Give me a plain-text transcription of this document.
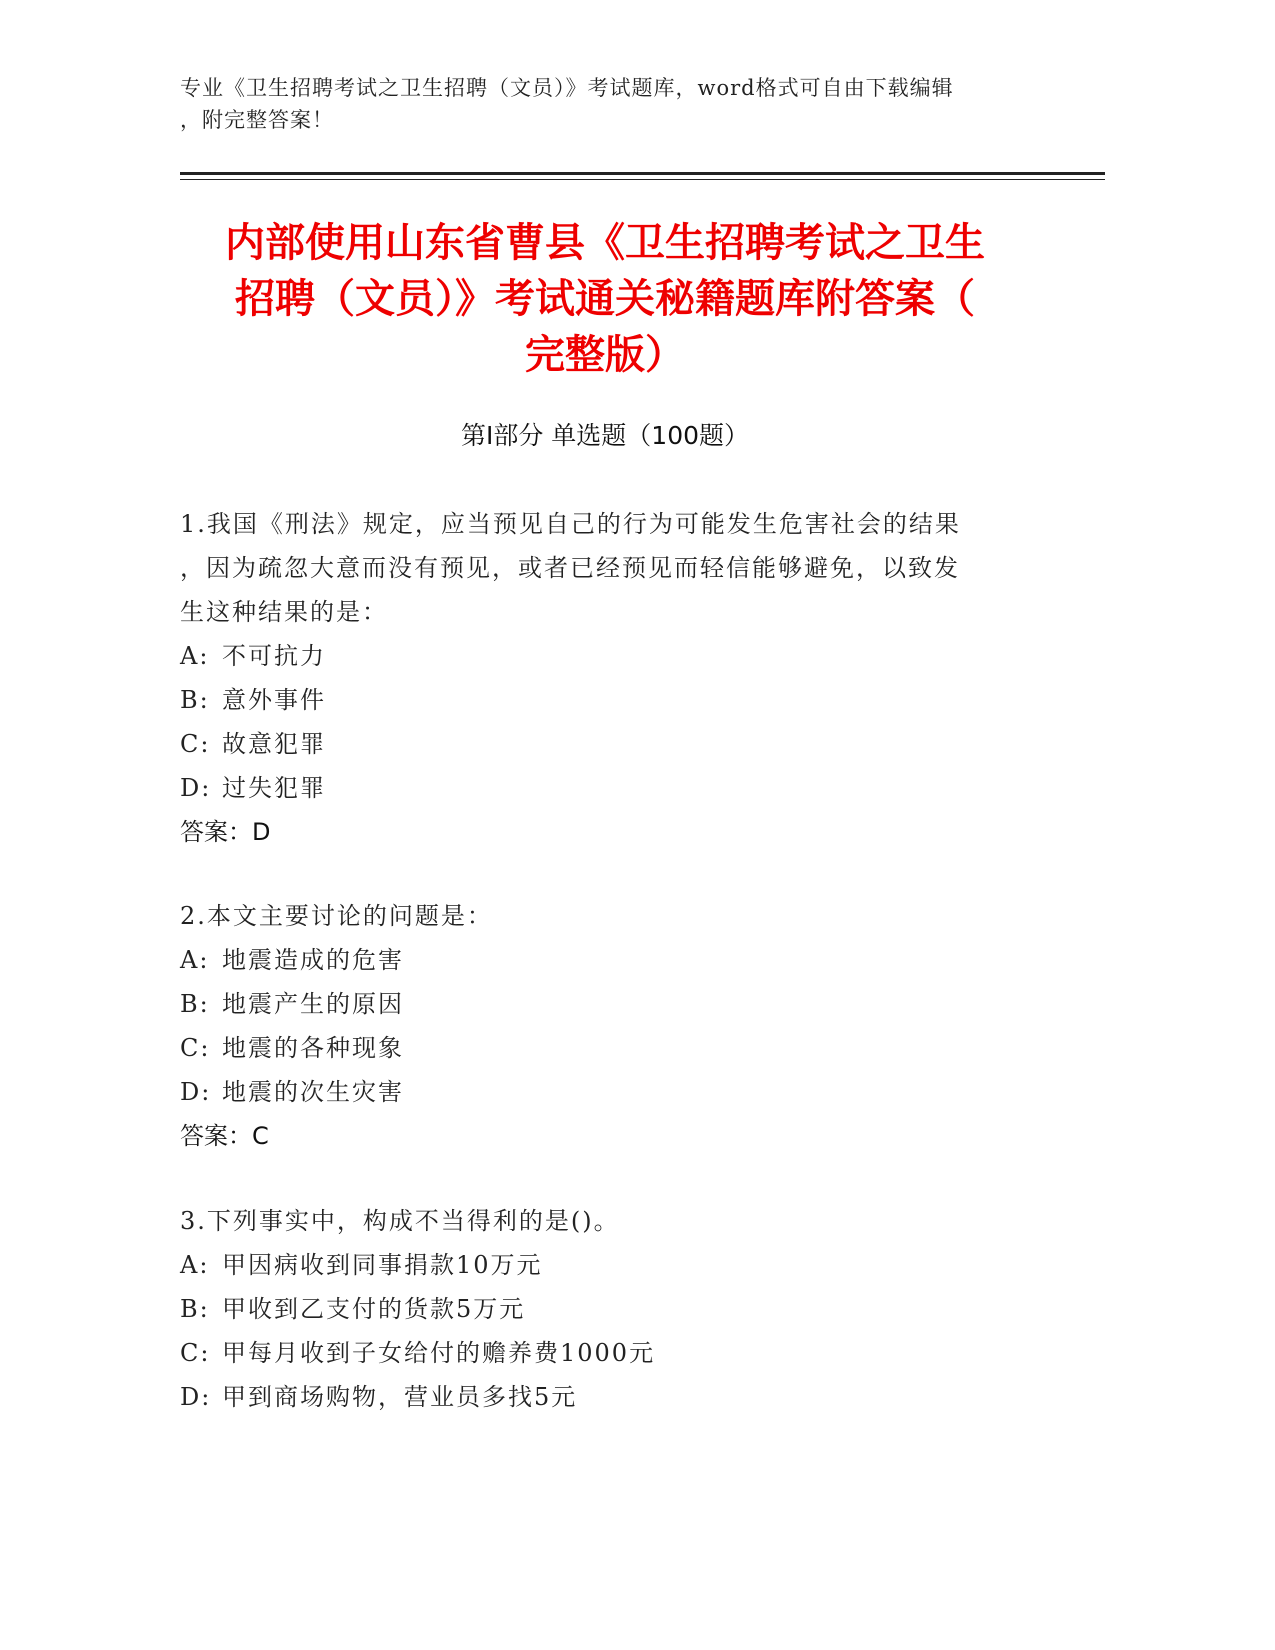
专业《卫生招聘考试之卫生招聘（文员）》考试题库，word格式可自由下载编辑
，附完整答案！
内部使用山东省曹县《卫生招聘考试之卫生
招聘（文员）》考试通关秘籍题库附答案（
完整版）
第Ⅰ部分 单选题（100题）

1.我国《刑法》规定，应当预见自己的行为可能发生危害社会的结果

，因为疏忽大意而没有预见，或者已经预见而轻信能够避免，以致发

生这种结果的是：

A: 不可抗力

B: 意外事件

C: 故意犯罪

D: 过失犯罪

答案：D

2.本文主要讨论的问题是：

A: 地震造成的危害

B: 地震产生的原因

C: 地震的各种现象

D: 地震的次生灾害

答案：C

3.下列事实中，构成不当得利的是()。

A: 甲因病收到同事捐款10万元

B: 甲收到乙支付的货款5万元

C: 甲每月收到子女给付的赡养费1000元

D: 甲到商场购物，营业员多找5元
